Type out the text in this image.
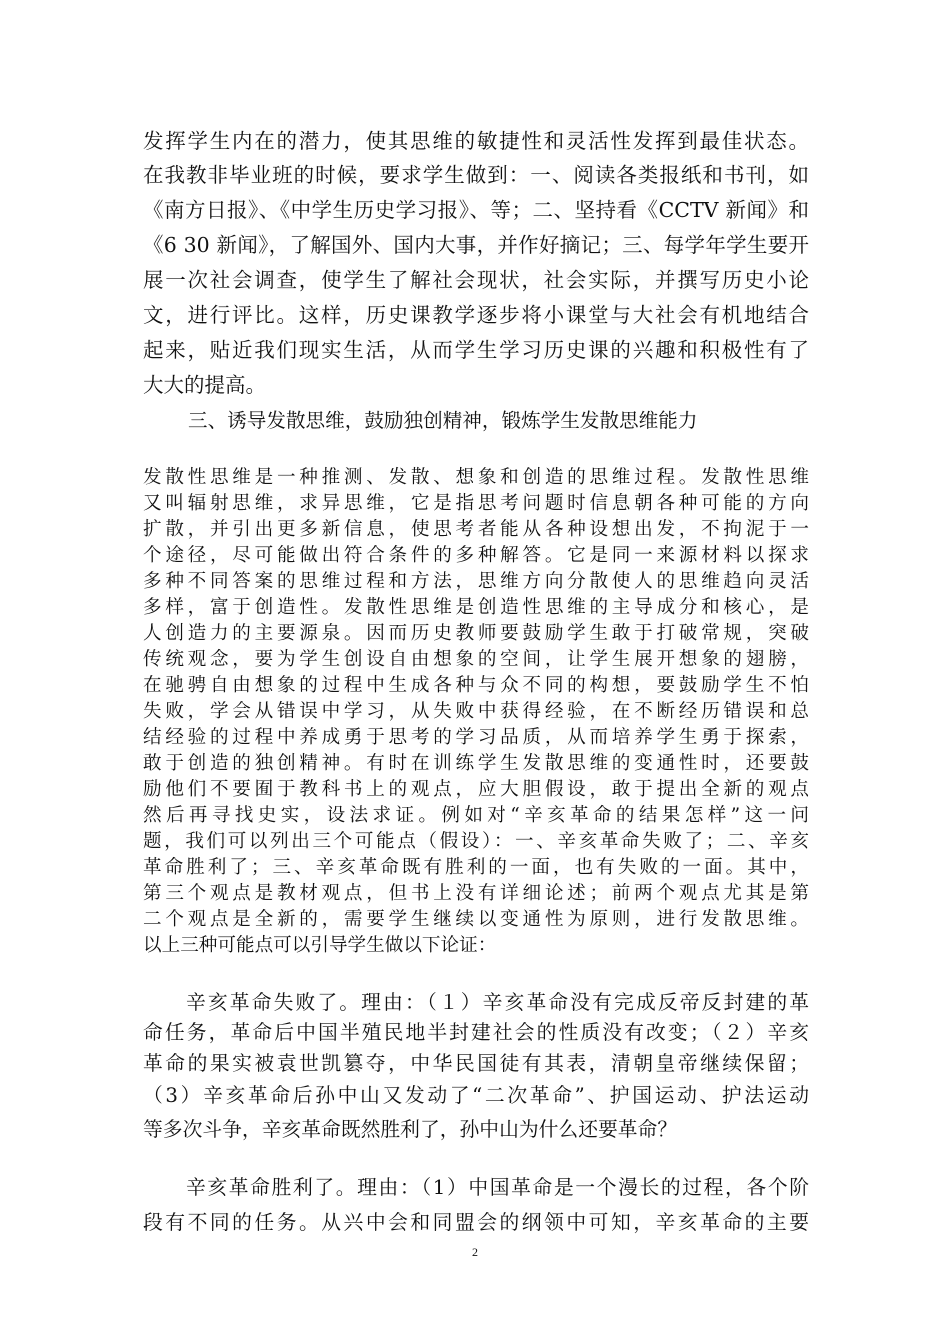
发挥学生内在的潜力，使其思维的敏捷性和灵活性发挥到最佳状态。
在我教非毕业班的时候，要求学生做到：一、阅读各类报纸和书刊，如
《南方日报》、《中学生历史学习报》、等；二、坚持看《CCTV 新闻》和
《6 30 新闻》，了解国外、国内大事，并作好摘记；三、每学年学生要开
展一次社会调查，使学生了解社会现状，社会实际，并撰写历史小论
文，进行评比。这样，历史课教学逐步将小课堂与大社会有机地结合
起来，贴近我们现实生活，从而学生学习历史课的兴趣和积极性有了
大大的提高。
三、诱导发散思维，鼓励独创精神，锻炼学生发散思维能力
发散性思维是一种推测、发散、想象和创造的思维过程。发散性思维
又叫辐射思维，求异思维，它是指思考问题时信息朝各种可能的方向
扩散，并引出更多新信息，使思考者能从各种设想出发，不拘泥于一
个途径，尽可能做出符合条件的多种解答。它是同一来源材料以探求
多种不同答案的思维过程和方法，思维方向分散使人的思维趋向灵活
多样，富于创造性。发散性思维是创造性思维的主导成分和核心，是
人创造力的主要源泉。因而历史教师要鼓励学生敢于打破常规，突破
传统观念，要为学生创设自由想象的空间，让学生展开想象的翅膀，
在驰骋自由想象的过程中生成各种与众不同的构想，要鼓励学生不怕
失败，学会从错误中学习，从失败中获得经验，在不断经历错误和总
结经验的过程中养成勇于思考的学习品质，从而培养学生勇于探索，
敢于创造的独创精神。有时在训练学生发散思维的变通性时，还要鼓
励他们不要囿于教科书上的观点，应大胆假设，敢于提出全新的观点
然后再寻找史实，设法求证。例如对“辛亥革命的结果怎样”这一问
题，我们可以列出三个可能点（假设）：一、辛亥革命失败了；二、辛亥
革命胜利了；三、辛亥革命既有胜利的一面，也有失败的一面。其中，
第三个观点是教材观点，但书上没有详细论述；前两个观点尤其是第
二个观点是全新的，需要学生继续以变通性为原则，进行发散思维。
以上三种可能点可以引导学生做以下论证：
辛亥革命失败了。理由：（１）辛亥革命没有完成反帝反封建的革
命任务，革命后中国半殖民地半封建社会的性质没有改变；（２）辛亥
革命的果实被袁世凯篡夺，中华民国徒有其表，清朝皇帝继续保留；
（3）辛亥革命后孙中山又发动了“二次革命”、护国运动、护法运动
等多次斗争，辛亥革命既然胜利了，孙中山为什么还要革命？
辛亥革命胜利了。理由：（1）中国革命是一个漫长的过程，各个阶
段有不同的任务。从兴中会和同盟会的纲领中可知，辛亥革命的主要
2
